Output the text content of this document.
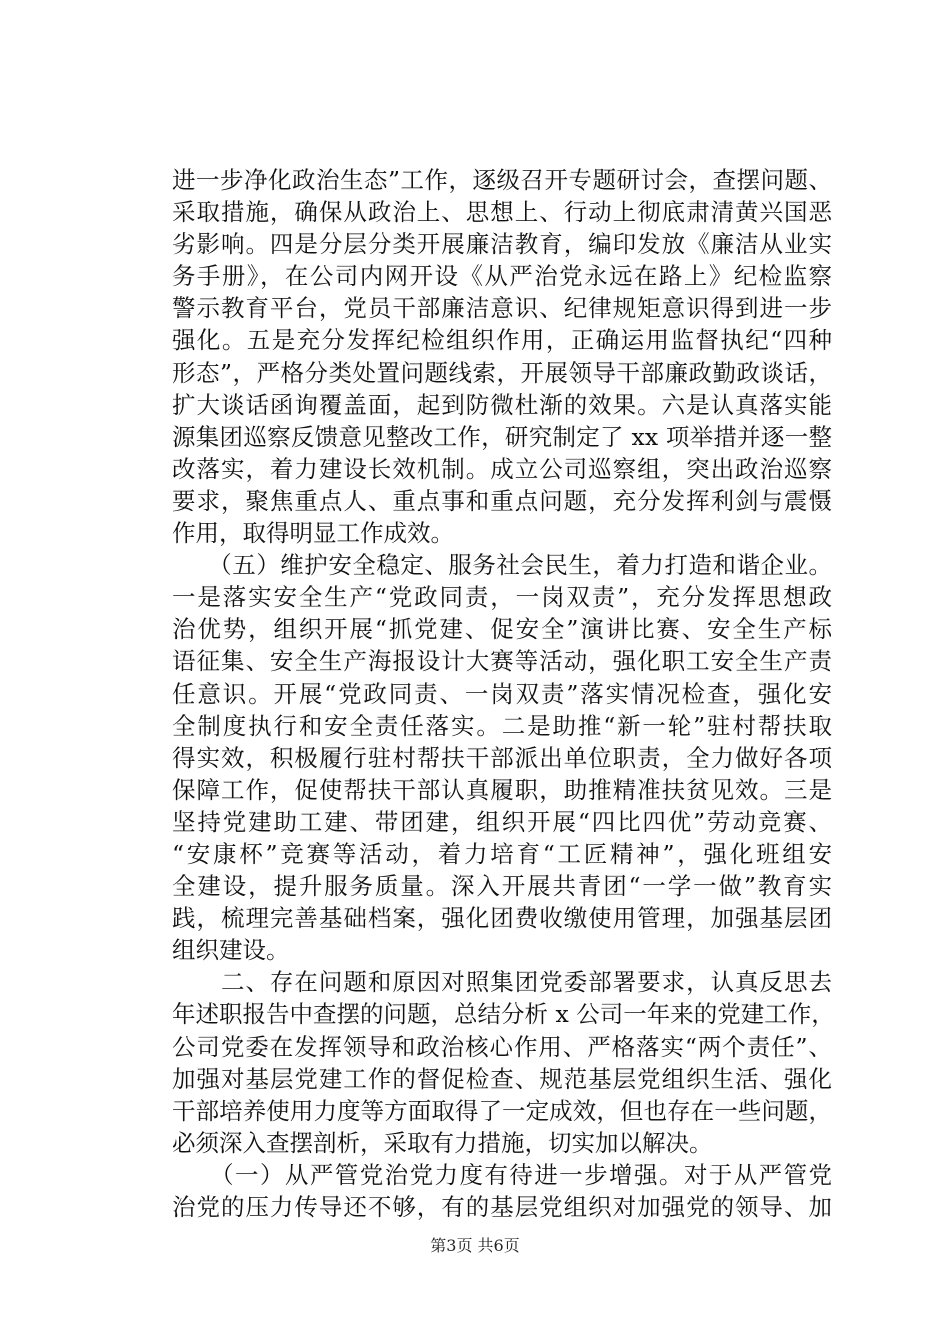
进一步净化政治生态”工作，逐级召开专题研讨会，查摆问题、
采取措施，确保从政治上、思想上、行动上彻底肃清黄兴国恶
劣影响。四是分层分类开展廉洁教育，编印发放《廉洁从业实
务手册》，在公司内网开设《从严治党永远在路上》纪检监察
警示教育平台，党员干部廉洁意识、纪律规矩意识得到进一步
强化。五是充分发挥纪检组织作用，正确运用监督执纪“四种
形态”，严格分类处置问题线索，开展领导干部廉政勤政谈话，
扩大谈话函询覆盖面，起到防微杜渐的效果。六是认真落实能
源集团巡察反馈意见整改工作，研究制定了 xx 项举措并逐一整
改落实，着力建设长效机制。成立公司巡察组，突出政治巡察
要求，聚焦重点人、重点事和重点问题，充分发挥利剑与震慑
作用，取得明显工作成效。
　　（五）维护安全稳定、服务社会民生，着力打造和谐企业。
一是落实安全生产“党政同责，一岗双责”，充分发挥思想政
治优势，组织开展“抓党建、促安全”演讲比赛、安全生产标
语征集、安全生产海报设计大赛等活动，强化职工安全生产责
任意识。开展“党政同责、一岗双责”落实情况检查，强化安
全制度执行和安全责任落实。二是助推“新一轮”驻村帮扶取
得实效，积极履行驻村帮扶干部派出单位职责，全力做好各项
保障工作，促使帮扶干部认真履职，助推精准扶贫见效。三是
坚持党建助工建、带团建，组织开展“四比四优”劳动竞赛、
“安康杯”竞赛等活动，着力培育“工匠精神”，强化班组安
全建设，提升服务质量。深入开展共青团“一学一做”教育实
践，梳理完善基础档案，强化团费收缴使用管理，加强基层团
组织建设。
　　二、存在问题和原因对照集团党委部署要求，认真反思去
年述职报告中查摆的问题，总结分析 x 公司一年来的党建工作，
公司党委在发挥领导和政治核心作用、严格落实“两个责任”、
加强对基层党建工作的督促检查、规范基层党组织生活、强化
干部培养使用力度等方面取得了一定成效，但也存在一些问题，
必须深入查摆剖析，采取有力措施，切实加以解决。
　　（一）从严管党治党力度有待进一步增强。对于从严管党
治党的压力传导还不够，有的基层党组织对加强党的领导、加
第3页 共6页
